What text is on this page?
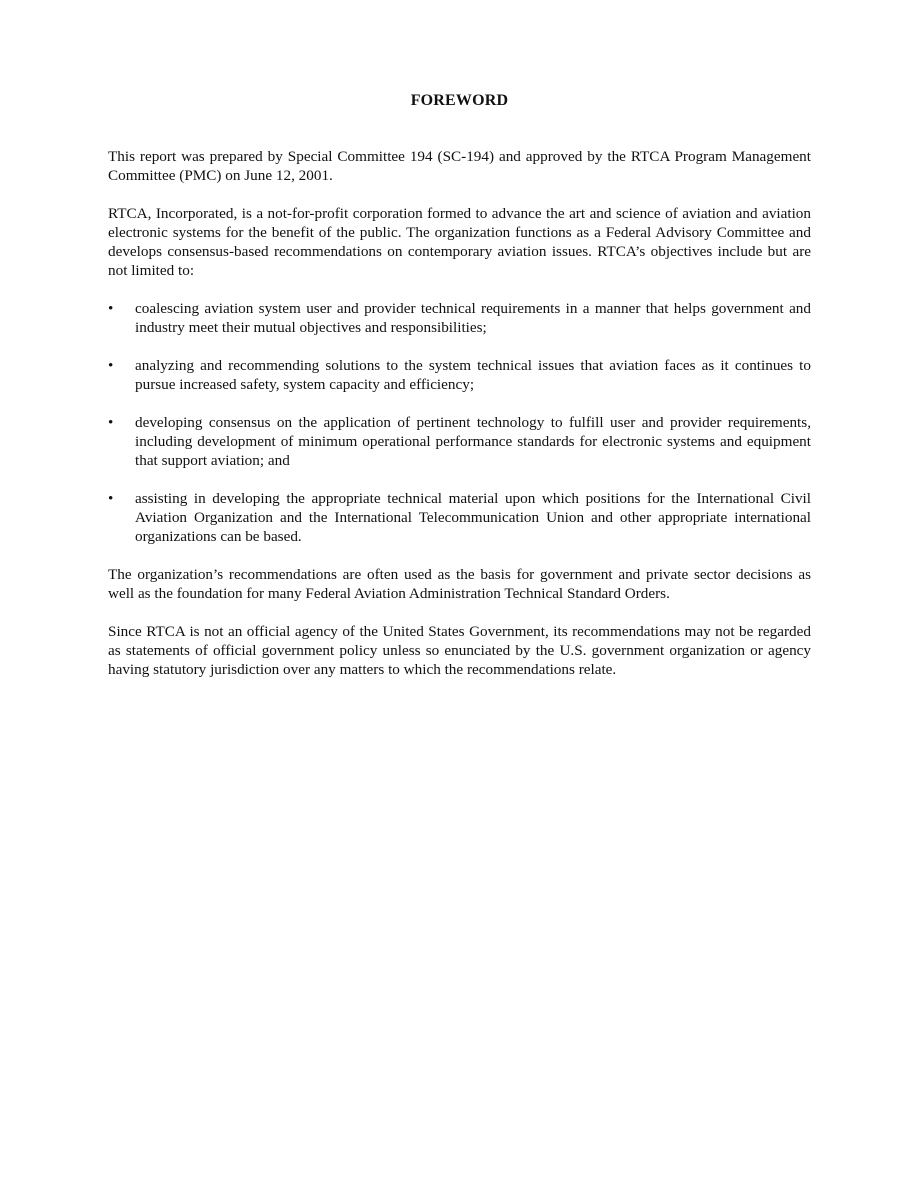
FOREWORD

This report was prepared by Special Committee 194 (SC-194) and approved by the RTCA Program Management Committee (PMC) on June 12, 2001.

RTCA, Incorporated, is a not-for-profit corporation formed to advance the art and science of aviation and aviation electronic systems for the benefit of the public. The organization functions as a Federal Advisory Committee and develops consensus-based recommendations on contemporary aviation issues. RTCA’s objectives include but are not limited to:

• coalescing aviation system user and provider technical requirements in a manner that helps government and industry meet their mutual objectives and responsibilities;
• analyzing and recommending solutions to the system technical issues that aviation faces as it continues to pursue increased safety, system capacity and efficiency;
• developing consensus on the application of pertinent technology to fulfill user and provider requirements, including development of minimum operational performance standards for electronic systems and equipment that support aviation; and
• assisting in developing the appropriate technical material upon which positions for the International Civil Aviation Organization and the International Telecommunication Union and other appropriate international organizations can be based.

The organization’s recommendations are often used as the basis for government and private sector decisions as well as the foundation for many Federal Aviation Administration Technical Standard Orders.

Since RTCA is not an official agency of the United States Government, its recommendations may not be regarded as statements of official government policy unless so enunciated by the U.S. government organization or agency having statutory jurisdiction over any matters to which the recommendations relate.
